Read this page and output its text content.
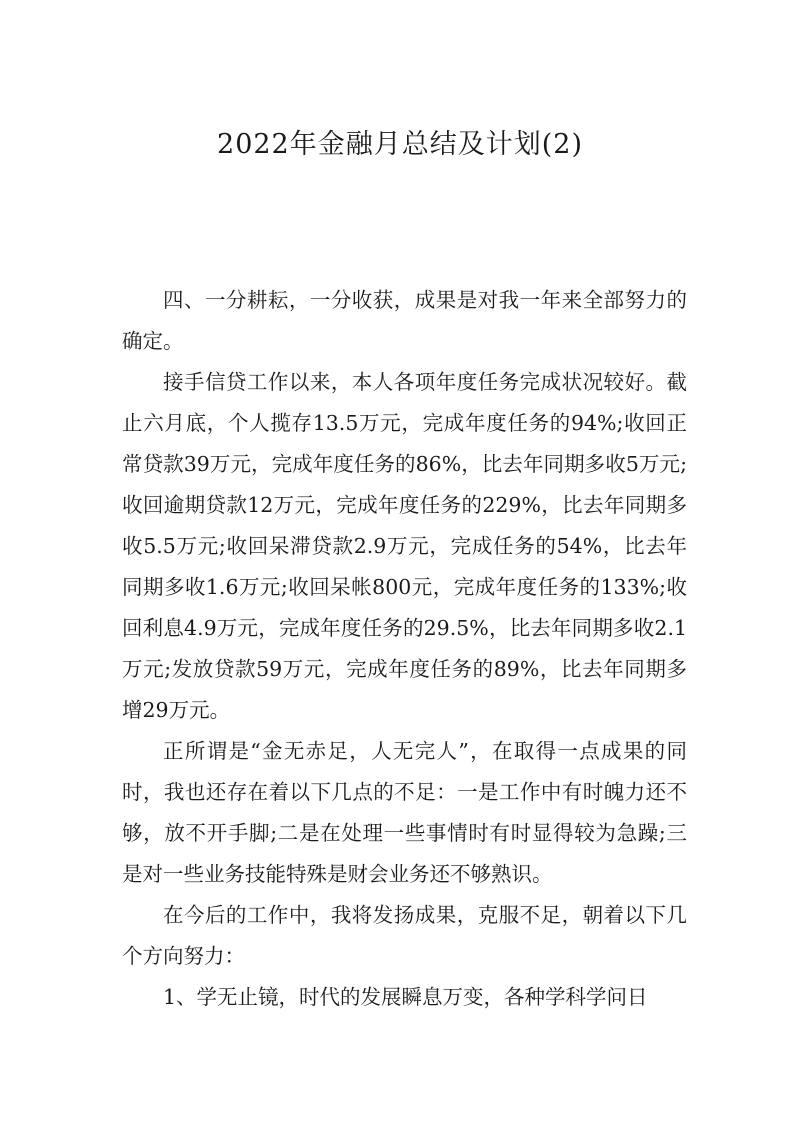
2022年金融月总结及计划(2)

四、一分耕耘，一分收获，成果是对我一年来全部努力的确定。

接手信贷工作以来，本人各项年度任务完成状况较好。截止六月底，个人揽存13.5万元，完成年度任务的94%;收回正常贷款39万元，完成年度任务的86%，比去年同期多收5万元;收回逾期贷款12万元，完成年度任务的229%，比去年同期多收5.5万元;收回呆滞贷款2.9万元，完成任务的54%，比去年同期多收1.6万元;收回呆帐800元，完成年度任务的133%;收回利息4.9万元，完成年度任务的29.5%，比去年同期多收2.1万元;发放贷款59万元，完成年度任务的89%，比去年同期多增29万元。

正所谓是“金无赤足，人无完人”，在取得一点成果的同时，我也还存在着以下几点的不足：一是工作中有时魄力还不够，放不开手脚;二是在处理一些事情时有时显得较为急躁;三是对一些业务技能特殊是财会业务还不够熟识。

在今后的工作中，我将发扬成果，克服不足，朝着以下几个方向努力：

1、学无止镜，时代的发展瞬息万变，各种学科学问日
